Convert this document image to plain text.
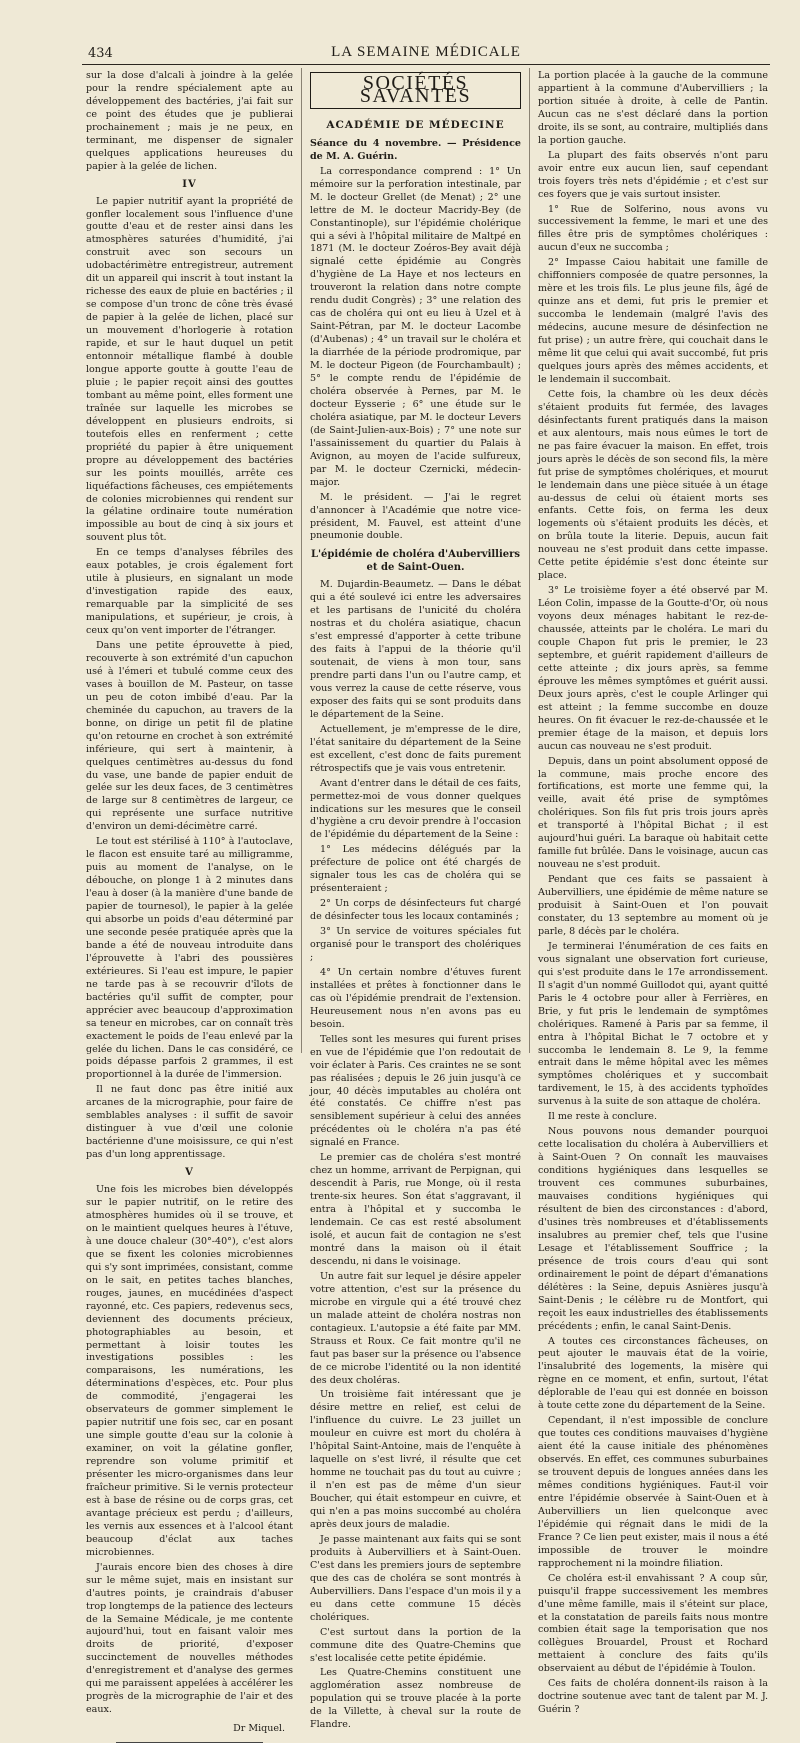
434	LA SEMAINE MÉDICALE

sur la dose d'alcali à joindre à la gelée pour la rendre spécialement apte au développement des bactéries, j'ai fait sur ce point des études que je publierai prochainement ; mais je ne peux, en terminant, me dispenser de signaler quelques applications heureuses du papier à la gelée de lichen.

IV

Le papier nutritif ayant la propriété de gonfler localement sous l'influence d'une goutte d'eau et de rester ainsi dans les atmosphères saturées d'humidité, j'ai construit avec son secours un udobactérimètre entregistreur, autrement dit un appareil qui inscrit à tout instant la richesse des eaux de pluie en bactéries ; il se compose d'un tronc de cône très évasé de papier à la gelée de lichen, placé sur un mouvement d'horlogerie à rotation rapide, et sur le haut duquel un petit entonnoir métallique flambé à double longue apporte goutte à goutte l'eau de pluie ; le papier reçoit ainsi des gouttes tombant au même point, elles forment une traînée sur laquelle les microbes se développent en plusieurs endroits, si toutefois elles en renferment ; cette propriété du papier à être uniquement propre au développement des bactéries sur les points mouillés, arrête ces liquéfactions fâcheuses, ces empiétements de colonies microbiennes qui rendent sur la gélatine ordinaire toute numération impossible au bout de cinq à six jours et souvent plus tôt.

En ce temps d'analyses fébriles des eaux potables, je crois également fort utile à plusieurs, en signalant un mode d'investigation rapide des eaux, remarquable par la simplicité de ses manipulations, et supérieur, je crois, à ceux qu'on vent importer de l'étranger.

Dans une petite éprouvette à pied, recouverte à son extrémité d'un capuchon usé à l'émeri et tubulé comme ceux des vases à bouillon de M. Pasteur, on tasse un peu de coton imbibé d'eau. Par la cheminée du capuchon, au travers de la bonne, on dirige un petit fil de platine qu'on retourne en crochet à son extrémité inférieure, qui sert à maintenir, à quelques centimètres au-dessus du fond du vase, une bande de papier enduit de gelée sur les deux faces, de 3 centimètres de large sur 8 centimètres de largeur, ce qui représente une surface nutritive d'environ un demi-décimètre carré.

Le tout est stérilisé à 110° à l'autoclave, le flacon est ensuite taré au milligramme, puis au moment de l'analyse, on le débouche, on plonge 1 à 2 minutes dans l'eau à doser (à la manière d'une bande de papier de tournesol), le papier à la gelée qui absorbe un poids d'eau déterminé par une seconde pesée pratiquée après que la bande a été de nouveau introduite dans l'éprouvette à l'abri des poussières extérieures. Si l'eau est impure, le papier ne tarde pas à se recouvrir d'îlots de bactéries qu'il suffit de compter, pour apprécier avec beaucoup d'approximation sa teneur en microbes, car on connaît très exactement le poids de l'eau enlevé par la gelée du lichen. Dans le cas considéré, ce poids dépasse parfois 2 grammes, il est proportionnel à la durée de l'immersion.

Il ne faut donc pas être initié aux arcanes de la micrographie, pour faire de semblables analyses : il suffit de savoir distinguer à vue d'œil une colonie bactérienne d'une moisissure, ce qui n'est pas d'un long apprentissage.

V

Une fois les microbes bien développés sur le papier nutritif, on le retire des atmosphères humides où il se trouve, et on le maintient quelques heures à l'étuve, à une douce chaleur (30°-40°), c'est alors que se fixent les colonies microbiennes qui s'y sont imprimées, consistant, comme on le sait, en petites taches blanches, rouges, jaunes, en mucédinées d'aspect rayonné, etc. Ces papiers, redevenus secs, deviennent des documents précieux, photographiables au besoin, et permettant à loisir toutes les investigations possibles : les comparaisons, les numérations, les déterminations d'espèces, etc. Pour plus de commodité, j'engagerai les observateurs de gommer simplement le papier nutritif une fois sec, car en posant une simple goutte d'eau sur la colonie à examiner, on voit la gélatine gonfler, reprendre son volume primitif et présenter les micro-organismes dans leur fraîcheur primitive. Si le vernis protecteur est à base de résine ou de corps gras, cet avantage précieux est perdu ; d'ailleurs, les vernis aux essences et à l'alcool étant beaucoup d'éclat aux taches microbiennes.

J'aurais encore bien des choses à dire sur le même sujet, mais en insistant sur d'autres points, je craindrais d'abuser trop longtemps de la patience des lecteurs de la Semaine Médicale, je me contente aujourd'hui, tout en faisant valoir mes droits de priorité, d'exposer succinctement de nouvelles méthodes d'enregistrement et d'analyse des germes qui me paraissent appelées à accélérer les progrès de la micrographie de l'air et des eaux.

Dr Miquel.
SOCIÉTÉS SAVANTES
ACADÉMIE DE MÉDECINE

Séance du 4 novembre. — Présidence de M. A. Guérin.

La correspondance comprend : 1° Un mémoire sur la perforation intestinale, par M. le docteur Grellet (de Menat) ; 2° une lettre de M. le docteur Macridy-Bey (de Constantinople), sur l'épidémie cholérique qui a sévi à l'hôpital militaire de Maltpé en 1871 (M. le docteur Zoéros-Bey avait déjà signalé cette épidémie au Congrès d'hygiène de La Haye et nos lecteurs en trouveront la relation dans notre compte rendu dudit Congrès) ; 3° une relation des cas de choléra qui ont eu lieu à Uzel et à Saint-Pétran, par M. le docteur Lacombe (d'Aubenas) ; 4° un travail sur le choléra et la diarrhée de la période prodromique, par M. le docteur Pigeon (de Fourchambault) ; 5° le compte rendu de l'épidémie de choléra observée à Pernes, par M. le docteur Eysserie ; 6° une étude sur le choléra asiatique, par M. le docteur Levers (de Saint-Julien-aux-Bois) ; 7° une note sur l'assainissement du quartier du Palais à Avignon, au moyen de l'acide sulfureux, par M. le docteur Czernicki, médecin-major.

M. le président. — J'ai le regret d'annoncer à l'Académie que notre vice-président, M. Fauvel, est atteint d'une pneumonie double.

L'épidémie de choléra d'Aubervilliers et de Saint-Ouen.

M. Dujardin-Beaumetz. — Dans le débat qui a été soulevé ici entre les adversaires et les partisans de l'unicité du choléra nostras et du choléra asiatique, chacun s'est empressé d'apporter à cette tribune des faits à l'appui de la théorie qu'il soutenait, de viens à mon tour, sans prendre parti dans l'un ou l'autre camp, et vous verrez la cause de cette réserve, vous exposer des faits qui se sont produits dans le département de la Seine.

Actuellement, je m'empresse de le dire, l'état sanitaire du département de la Seine est excellent, c'est donc de faits purement rétrospectifs que je vais vous entretenir.

Avant d'entrer dans le détail de ces faits, permettez-moi de vous donner quelques indications sur les mesures que le conseil d'hygiène a cru devoir prendre à l'occasion de l'épidémie du département de la Seine :

1° Les médecins délégués par la préfecture de police ont été chargés de signaler tous les cas de choléra qui se présenteraient ;

2° Un corps de désinfecteurs fut chargé de désinfecter tous les locaux contaminés ;

3° Un service de voitures spéciales fut organisé pour le transport des cholériques ;

4° Un certain nombre d'étuves furent installées et prêtes à fonctionner dans le cas où l'épidémie prendrait de l'extension. Heureusement nous n'en avons pas eu besoin.

Telles sont les mesures qui furent prises en vue de l'épidémie que l'on redoutait de voir éclater à Paris. Ces craintes ne se sont pas réalisées ; depuis le 26 juin jusqu'à ce jour, 40 décès imputables au choléra ont été constatés. Ce chiffre n'est pas sensiblement supérieur à celui des années précédentes où le choléra n'a pas été signalé en France.

Le premier cas de choléra s'est montré chez un homme, arrivant de Perpignan, qui descendit à Paris, rue Monge, où il resta trente-six heures. Son état s'aggravant, il entra à l'hôpital et y succomba le lendemain. Ce cas est resté absolument isolé, et aucun fait de contagion ne s'est montré dans la maison où il était descendu, ni dans le voisinage.

Un autre fait sur lequel je désire appeler votre attention, c'est sur la présence du microbe en virgule qui a été trouvé chez un malade atteint de choléra nostras non contagieux. L'autopsie a été faite par MM. Strauss et Roux. Ce fait montre qu'il ne faut pas baser sur la présence ou l'absence de ce microbe l'identité ou la non identité des deux choléras.

Un troisième fait intéressant que je désire mettre en relief, est celui de l'influence du cuivre. Le 23 juillet un mouleur en cuivre est mort du choléra à l'hôpital Saint-Antoine, mais de l'enquête à laquelle on s'est livré, il résulte que cet homme ne touchait pas du tout au cuivre ; il n'en est pas de même d'un sieur Boucher, qui était estompeur en cuivre, et qui n'en a pas moins succombé au choléra après deux jours de maladie.

Je passe maintenant aux faits qui se sont produits à Aubervilliers et à Saint-Ouen. C'est dans les premiers jours de septembre que des cas de choléra se sont montrés à Aubervilliers. Dans l'espace d'un mois il y a eu dans cette commune 15 décès cholériques.

C'est surtout dans la portion de la commune dite des Quatre-Chemins que s'est localisée cette petite épidémie.

Les Quatre-Chemins constituent une agglomération assez nombreuse de population qui se trouve placée à la porte de la Villette, à cheval sur la route de Flandre.

La portion placée à la gauche de la commune appartient à la commune d'Aubervilliers ; la portion située à droite, à celle de Pantin. Aucun cas ne s'est déclaré dans la portion droite, ils se sont, au contraire, multipliés dans la portion gauche.

La plupart des faits observés n'ont paru avoir entre eux aucun lien, sauf cependant trois foyers très nets d'épidémie ; et c'est sur ces foyers que je vais surtout insister.

1° Rue de Solferino, nous avons vu successivement la femme, le mari et une des filles être pris de symptômes cholériques : aucun d'eux ne succomba ;

2° Impasse Caiou habitait une famille de chiffonniers composée de quatre personnes, la mère et les trois fils. Le plus jeune fils, âgé de quinze ans et demi, fut pris le premier et succomba le lendemain (malgré l'avis des médecins, aucune mesure de désinfection ne fut prise) ; un autre frère, qui couchait dans le même lit que celui qui avait succombé, fut pris quelques jours après des mêmes accidents, et le lendemain il succombait.

Cette fois, la chambre où les deux décès s'étaient produits fut fermée, des lavages désinfectants furent pratiqués dans la maison et aux alentours, mais nous eûmes le tort de ne pas faire évacuer la maison. En effet, trois jours après le décès de son second fils, la mère fut prise de symptômes cholériques, et mourut le lendemain dans une pièce située à un étage au-dessus de celui où étaient morts ses enfants. Cette fois, on ferma les deux logements où s'étaient produits les décès, et on brûla toute la literie. Depuis, aucun fait nouveau ne s'est produit dans cette impasse. Cette petite épidémie s'est donc éteinte sur place.

3° Le troisième foyer a été observé par M. Léon Colin, impasse de la Goutte-d'Or, où nous voyons deux ménages habitant le rez-de-chaussée, atteints par le choléra. Le mari du couple Chapon fut pris le premier, le 23 septembre, et guérit rapidement d'ailleurs de cette atteinte ; dix jours après, sa femme éprouve les mêmes symptômes et guérit aussi. Deux jours après, c'est le couple Arlinger qui est atteint ; la femme succombe en douze heures. On fit évacuer le rez-de-chaussée et le premier étage de la maison, et depuis lors aucun cas nouveau ne s'est produit.

Depuis, dans un point absolument opposé de la commune, mais proche encore des fortifications, est morte une femme qui, la veille, avait été prise de symptômes cholériques. Son fils fut pris trois jours après et transporté à l'hôpital Bichat ; il est aujourd'hui guéri. La baraque où habitait cette famille fut brûlée. Dans le voisinage, aucun cas nouveau ne s'est produit.

Pendant que ces faits se passaient à Aubervilliers, une épidémie de même nature se produisit à Saint-Ouen et l'on pouvait constater, du 13 septembre au moment où je parle, 8 décès par le choléra.

Je terminerai l'énumération de ces faits en vous signalant une observation fort curieuse, qui s'est produite dans le 17e arrondissement. Il s'agit d'un nommé Guillodot qui, ayant quitté Paris le 4 octobre pour aller à Ferrières, en Brie, y fut pris le lendemain de symptômes cholériques. Ramené à Paris par sa femme, il entra à l'hôpital Bichat le 7 octobre et y succomba le lendemain 8. Le 9, la femme entrait dans le même hôpital avec les mêmes symptômes cholériques et y succombait tardivement, le 15, à des accidents typhoïdes survenus à la suite de son attaque de choléra.

Il me reste à conclure.

Nous pouvons nous demander pourquoi cette localisation du choléra à Aubervilliers et à Saint-Ouen ? On connaît les mauvaises conditions hygiéniques dans lesquelles se trouvent ces communes suburbaines, mauvaises conditions hygiéniques qui résultent de bien des circonstances : d'abord, d'usines très nombreuses et d'établissements insalubres au premier chef, tels que l'usine Lesage et l'établissement Souffrice ; la présence de trois cours d'eau qui sont ordinairement le point de départ d'émanations délétères : la Seine, depuis Asnières jusqu'à Saint-Denis ; le célèbre ru de Montfort, qui reçoit les eaux industrielles des établissements précédents ; enfin, le canal Saint-Denis.

A toutes ces circonstances fâcheuses, on peut ajouter le mauvais état de la voirie, l'insalubrité des logements, la misère qui règne en ce moment, et enfin, surtout, l'état déplorable de l'eau qui est donnée en boisson à toute cette zone du département de la Seine.

Cependant, il n'est impossible de conclure que toutes ces conditions mauvaises d'hygiène aient été la cause initiale des phénomènes observés. En effet, ces communes suburbaines se trouvent depuis de longues années dans les mêmes conditions hygiéniques. Faut-il voir entre l'épidémie observée à Saint-Ouen et à Aubervilliers un lien quelconque avec l'épidémie qui régnait dans le midi de la France ? Ce lien peut exister, mais il nous a été impossible de trouver le moindre rapprochement ni la moindre filiation.

Ce choléra est-il envahissant ? A coup sûr, puisqu'il frappe successivement les membres d'une même famille, mais il s'éteint sur place, et la constatation de pareils faits nous montre combien était sage la temporisation que nos collègues Brouardel, Proust et Rochard mettaient à conclure des faits qu'ils observaient au début de l'épidémie à Toulon.

Ces faits de choléra donnent-ils raison à la doctrine soutenue avec tant de talent par M. J. Guérin ?
